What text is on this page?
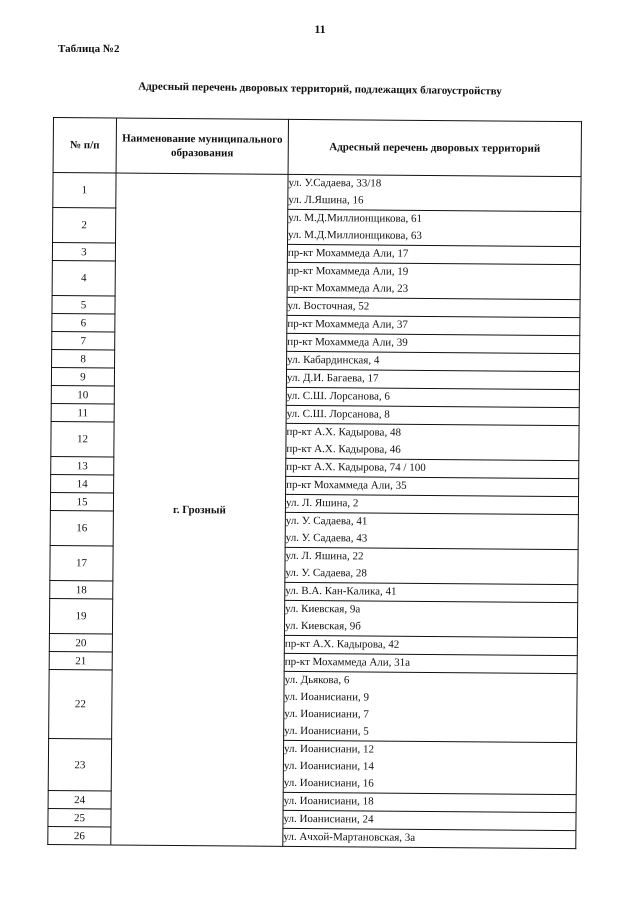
11
Таблица №2
Адресный перечень дворовых территорий, подлежащих благоустройству
№ п/п	Наименование муниципального образования	Адресный перечень дворовых территорий
1	г. Грозный	ул. У.Садаева, 33/18
ул. Л.Яшина, 16

2		ул. М.Д.Миллионщикова, 61
ул. М.Д.Миллионщикова, 63

3		пр-кт Мохаммеда Али, 17

4		пр-кт Мохаммеда Али, 19
пр-кт Мохаммеда Али, 23

5		ул. Восточная, 52

6		пр-кт Мохаммеда Али, 37

7		пр-кт Мохаммеда Али, 39

8		ул. Кабардинская, 4

9		ул. Д.И. Багаева, 17

10		ул. С.Ш. Лорсанова, 6

11		ул. С.Ш. Лорсанова, 8

12		пр-кт А.Х. Кадырова, 48
пр-кт А.Х. Кадырова, 46

13		пр-кт А.Х. Кадырова, 74 / 100

14		пр-кт Мохаммеда Али, 35

15		ул. Л. Яшина, 2

16		ул. У. Садаева, 41
ул. У. Садаева, 43

17		ул. Л. Яшина, 22
ул. У. Садаева, 28

18		ул. В.А. Кан-Калика, 41

19		ул. Киевская, 9а
ул. Киевская, 9б

20		пр-кт А.Х. Кадырова, 42

21		пр-кт Мохаммеда Али, 31а

22		ул. Дьякова, 6
ул. Иоанисиани, 9
ул. Иоанисиани, 7
ул. Иоанисиани, 5

23		ул. Иоанисиани, 12
ул. Иоанисиани, 14
ул. Иоанисиани, 16

24		ул. Иоанисиани, 18

25		ул. Иоанисиани, 24

26		ул. Ачхой-Мартановская, 3а
